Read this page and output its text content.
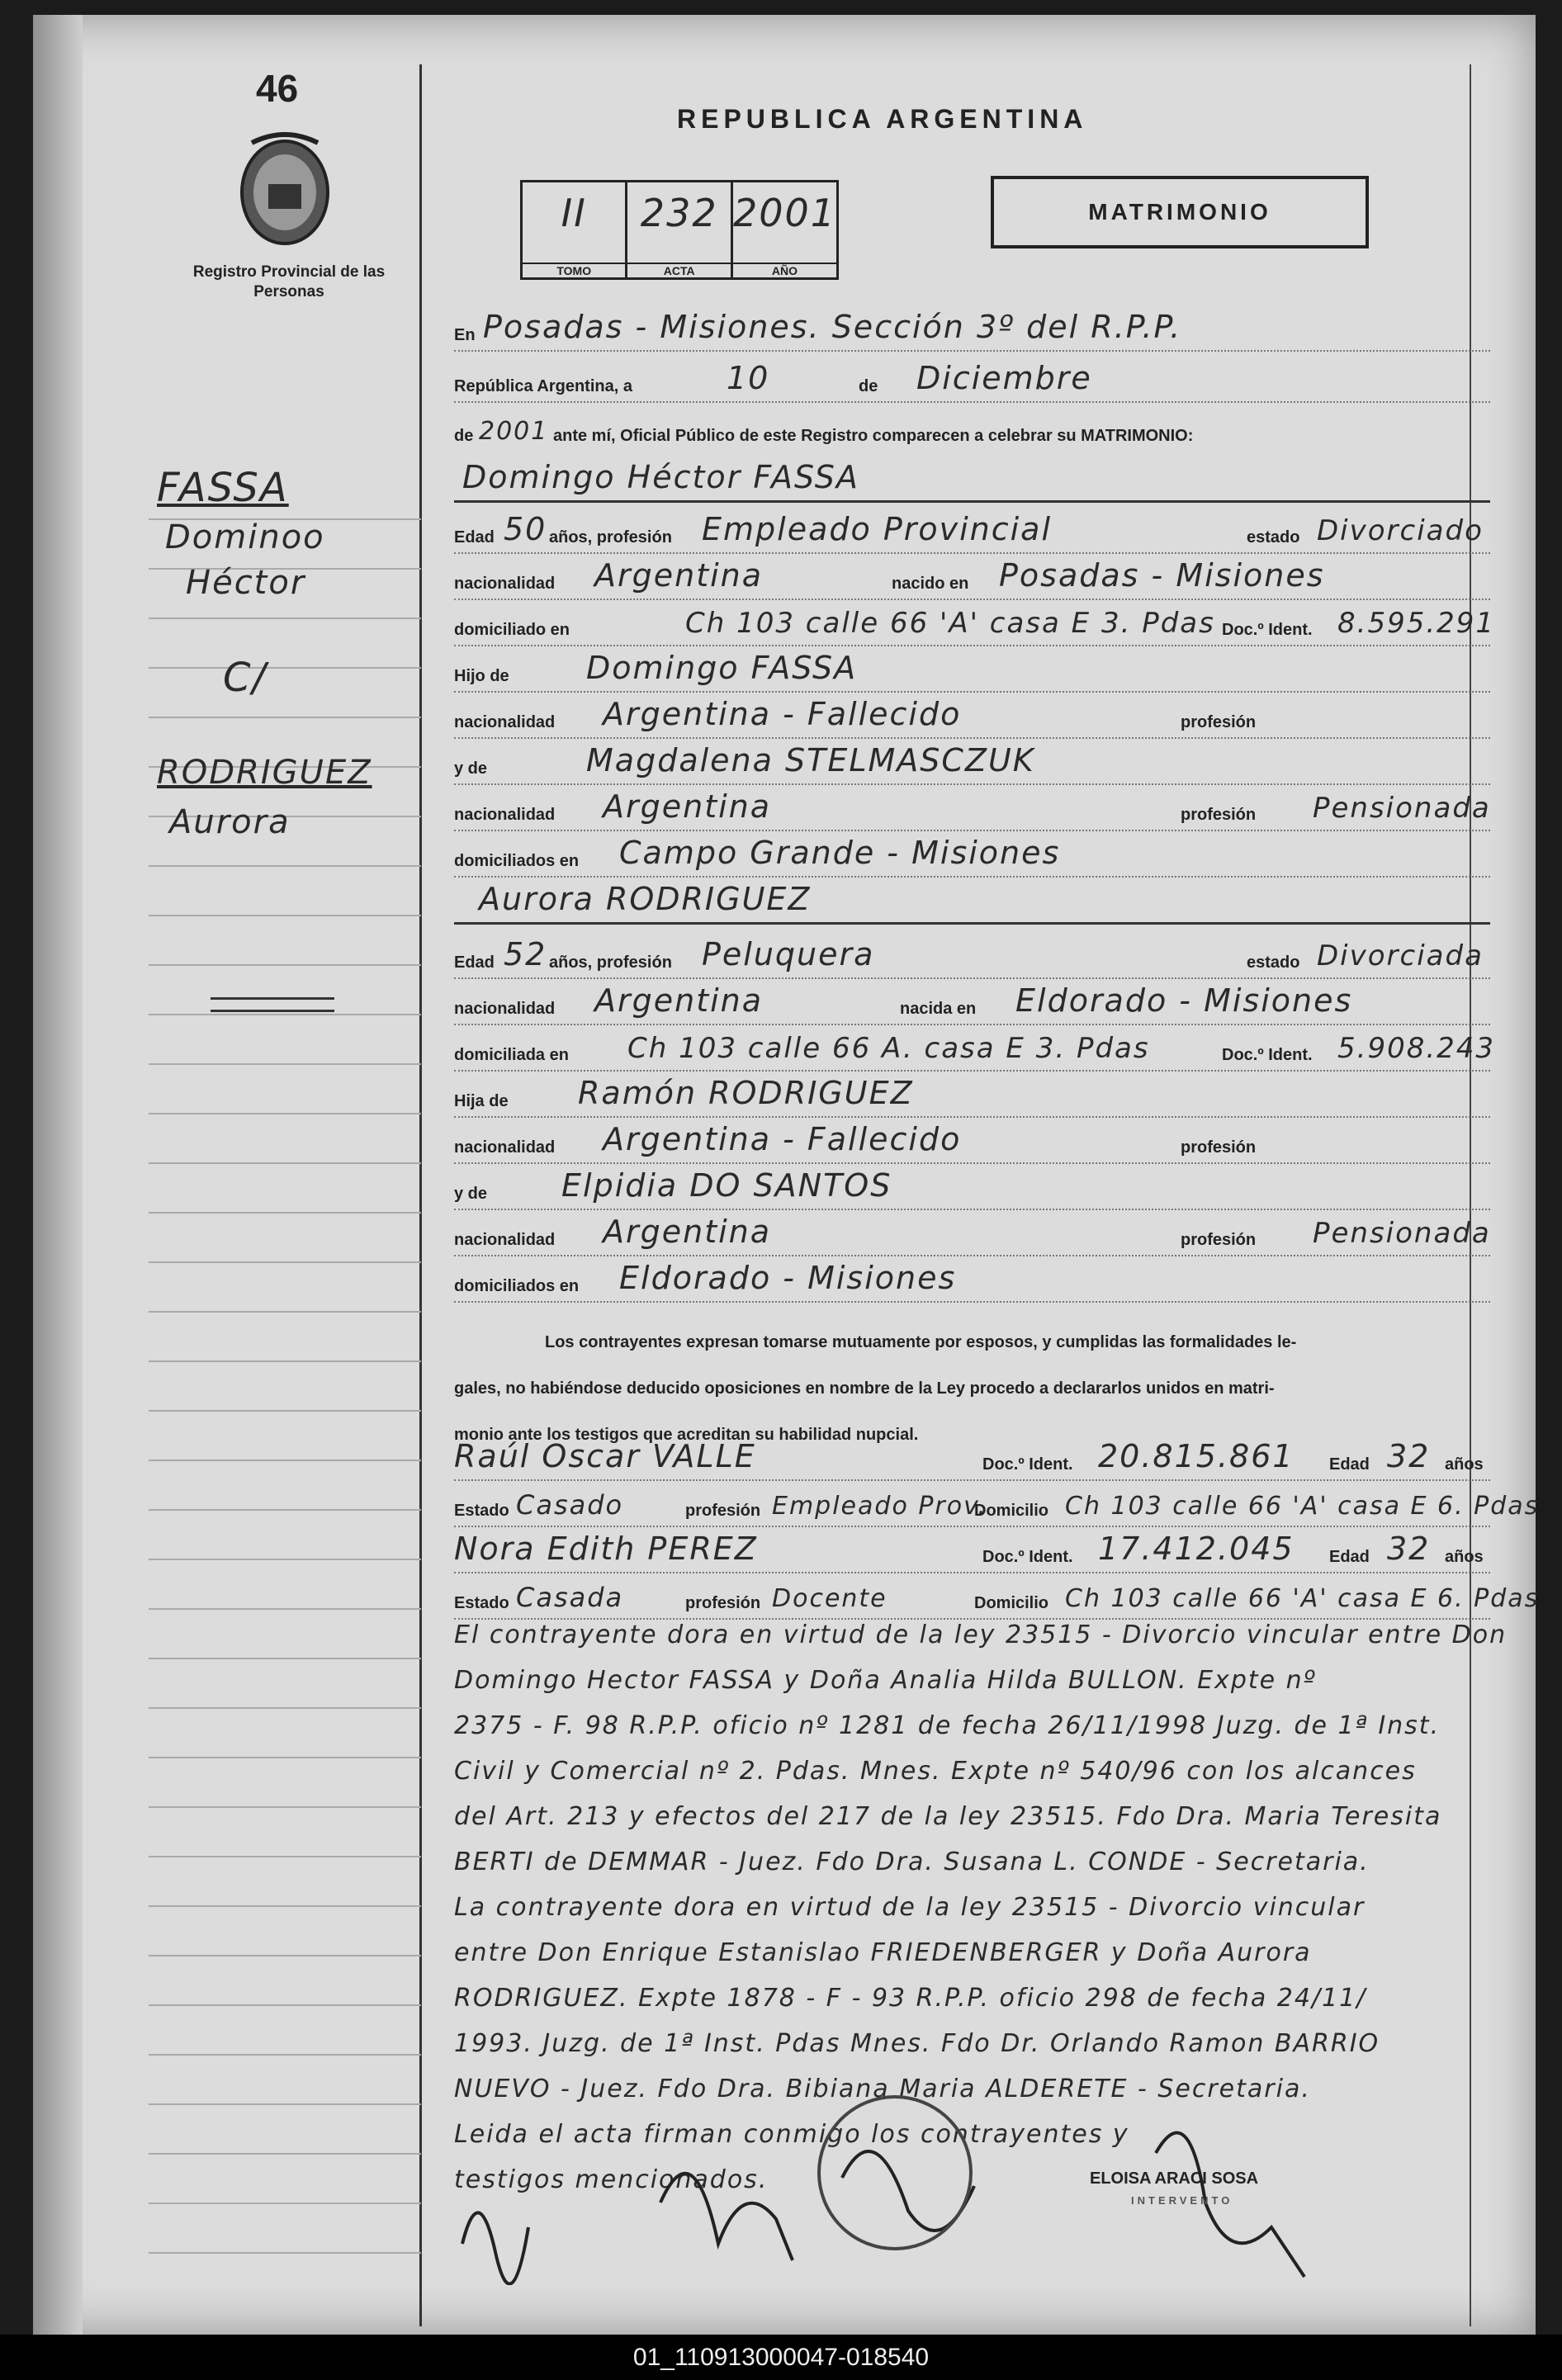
46
Registro Provincial de las Personas
FASSA
Dominoo
Héctor
C/
RODRIGUEZ
Aurora
REPUBLICA ARGENTINA
II
TOMO
232
ACTA
2001
AÑO
MATRIMONIO
En Posadas - Misiones. Sección 3º del R.P.P.
República Argentina, a	10	de Diciembre
de 2001 ante mí, Oficial Público de este Registro comparecen a celebrar su MATRIMONIO:
Domingo Héctor FASSA
Edad 50 años, profesión Empleado Provincial	estado Divorciado
nacionalidad Argentina	nacido en Posadas - Misiones
domiciliado en	Ch 103 calle 66 'A' casa E 3. Pdas Doc.º Ident. 8.595.291
Hijo de Domingo FASSA
nacionalidad Argentina - Fallecido	profesión
y de	Magdalena STELMASCZUK
nacionalidad Argentina	profesión Pensionada
domiciliados en Campo Grande - Misiones
Aurora RODRIGUEZ
Edad 52 años, profesión Peluquera	estado Divorciada
nacionalidad Argentina	nacida en Eldorado - Misiones
domiciliada en Ch 103 calle 66 A. casa E 3. Pdas	Doc.º Ident. 5.908.243
Hija de Ramón RODRIGUEZ
nacionalidad Argentina - Fallecido	profesión
y de Elpidia DO SANTOS
nacionalidad Argentina	profesión Pensionada
domiciliados en Eldorado - Misiones
Los contrayentes expresan tomarse mutuamente por esposos, y cumplidas las formalidades le-
gales, no habiéndose deducido oposiciones en nombre de la Ley procedo a declararlos unidos en matri-
monio ante los testigos que acreditan su habilidad nupcial.
Raúl Oscar VALLE	Doc.º Ident. 20.815.861 Edad 32 años
Estado Casado	profesión Empleado Prov.
Domicilio Ch 103 calle 66 'A' casa E 6. Pdas
Nora Edith PEREZ	Doc.º Ident. 17.412.045 Edad 32 años
Estado Casada	profesión Docente	Domicilio Ch 103 calle 66 'A' casa E 6. Pdas
El contrayente dora en virtud de la ley 23515 - Divorcio vincular entre Don
Domingo Hector FASSA y Doña Analia Hilda BULLON. Expte nº
2375 - F. 98 R.P.P. oficio nº 1281 de fecha 26/11/1998 Juzg. de 1ª Inst.
Civil y Comercial nº 2. Pdas. Mnes. Expte nº 540/96 con los alcances
del Art. 213 y efectos del 217 de la ley 23515. Fdo Dra. Maria Teresita
BERTI de DEMMAR - Juez. Fdo Dra. Susana L. CONDE - Secretaria.
La contrayente dora en virtud de la ley 23515 - Divorcio vincular
entre Don Enrique Estanislao FRIEDENBERGER y Doña Aurora
RODRIGUEZ. Expte 1878 - F - 93 R.P.P. oficio 298 de fecha 24/11/
1993. Juzg. de 1ª Inst. Pdas Mnes. Fdo Dr. Orlando Ramon BARRIO
NUEVO - Juez. Fdo Dra. Bibiana Maria ALDERETE - Secretaria.
Leida el acta firman conmigo los contrayentes y
testigos mencionados.	ELOISA ARACI SOSA
INTERVENTO
01_110913000047-018540
